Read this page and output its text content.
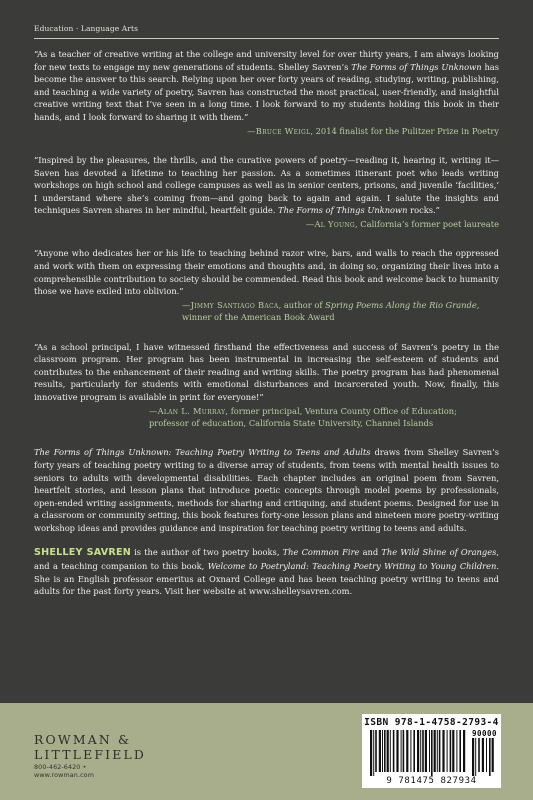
Education · Language Arts

“As a teacher of creative writing at the college and university level for over thirty years, I am always looking for new texts to engage my new generations of students. Shelley Savren’s The Forms of Things Unknown has become the answer to this search. Relying upon her over forty years of reading, studying, writing, publishing, and teaching a wide variety of poetry, Savren has constructed the most practical, user-friendly, and insightful creative writing text that I’ve seen in a long time. I look forward to my students holding this book in their hands, and I look forward to sharing it with them.”

—Bruce Weigl, 2014 finalist for the Pulitzer Prize in Poetry

“Inspired by the pleasures, the thrills, and the curative powers of poetry—reading it, hearing it, writing it—Saven has devoted a lifetime to teaching her passion. As a sometimes itinerant poet who leads writing workshops on high school and college campuses as well as in senior centers, prisons, and juvenile ‘facilities,’ I understand where she’s coming from—and going back to again and again. I salute the insights and techniques Savren shares in her mindful, heartfelt guide. The Forms of Things Unknown rocks.”

—Al Young, California’s former poet laureate

“Anyone who dedicates her or his life to teaching behind razor wire, bars, and walls to reach the oppressed and work with them on expressing their emotions and thoughts and, in doing so, organizing their lives into a comprehensible contribution to society should be commended. Read this book and welcome back to humanity those we have exiled into oblivion.”

—Jimmy Santiago Baca, author of Spring Poems Along the Rio Grande, winner of the American Book Award

“As a school principal, I have witnessed firsthand the effectiveness and success of Savren’s poetry in the classroom program. Her program has been instrumental in increasing the self-esteem of students and contributes to the enhancement of their reading and writing skills. The poetry program has had phenomenal results, particularly for students with emotional disturbances and incarcerated youth. Now, finally, this innovative program is available in print for everyone!”

—Alan L. Murray, former principal, Ventura County Office of Education; professor of education, California State University, Channel Islands

The Forms of Things Unknown: Teaching Poetry Writing to Teens and Adults draws from Shelley Savren’s forty years of teaching poetry writing to a diverse array of students, from teens with mental health issues to seniors to adults with developmental disabilities. Each chapter includes an original poem from Savren, heartfelt stories, and lesson plans that introduce poetic concepts through model poems by professionals, open-ended writing assignments, methods for sharing and critiquing, and student poems. Designed for use in a classroom or community setting, this book features forty-one lesson plans and nineteen more poetry-writing workshop ideas and provides guidance and inspiration for teaching poetry writing to teens and adults.

SHELLEY SAVREN is the author of two poetry books, The Common Fire and The Wild Shine of Oranges, and a teaching companion to this book, Welcome to Poetryland: Teaching Poetry Writing to Young Children. She is an English professor emeritus at Oxnard College and has been teaching poetry writing to teens and adults for the past forty years. Visit her website at www.shelleysavren.com.

ROWMAN &
LITTLEFIELD
800-462-6420 • www.rowman.com
ISBN 978-1-4758-2793-4
90000
9 781475 827934
